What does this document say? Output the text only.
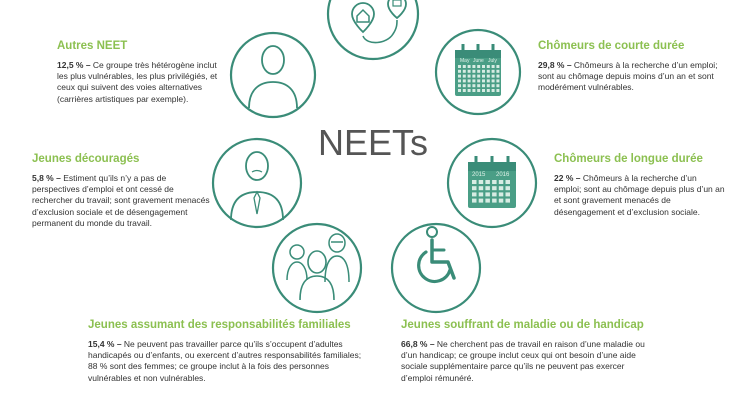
May June July
2015 2016
NEETs
Autres NEET
12,5 % – Ce groupe très hétérogène inclut les plus vulnérables, les plus privilégiés, et ceux qui suivent des voies alternatives (carrières artistiques par exemple).
Chômeurs de courte durée
29,8 % – Chômeurs à la recherche d’un emploi; sont au chômage depuis moins d’un an et sont modérément vulnérables.
Jeunes découragés
5,8 % – Estiment qu’ils n’y a pas de perspectives d’emploi et ont cessé de rechercher du travail; sont gravement menacés d’exclusion sociale et de désengagement permanent du monde du travail.
Chômeurs de longue durée
22 % – Chômeurs à la recherche d’un emploi; sont au chômage depuis plus d’un an et sont gravement menacés de désengagement et d’exclusion sociale.
Jeunes assumant des responsabilités familiales
15,4 % – Ne peuvent pas travailler parce qu’ils s’occupent d’adultes handicapés ou d’enfants, ou exercent d’autres responsabilités familiales; 88 % sont des femmes; ce groupe inclut à la fois des personnes vulnérables et non vulnérables.
Jeunes souffrant de maladie ou de handicap
66,8 % – Ne cherchent pas de travail en raison d’une maladie ou d’un handicap; ce groupe inclut ceux qui ont besoin d’une aide sociale supplémentaire parce qu’ils ne peuvent pas exercer d’emploi rémunéré.
